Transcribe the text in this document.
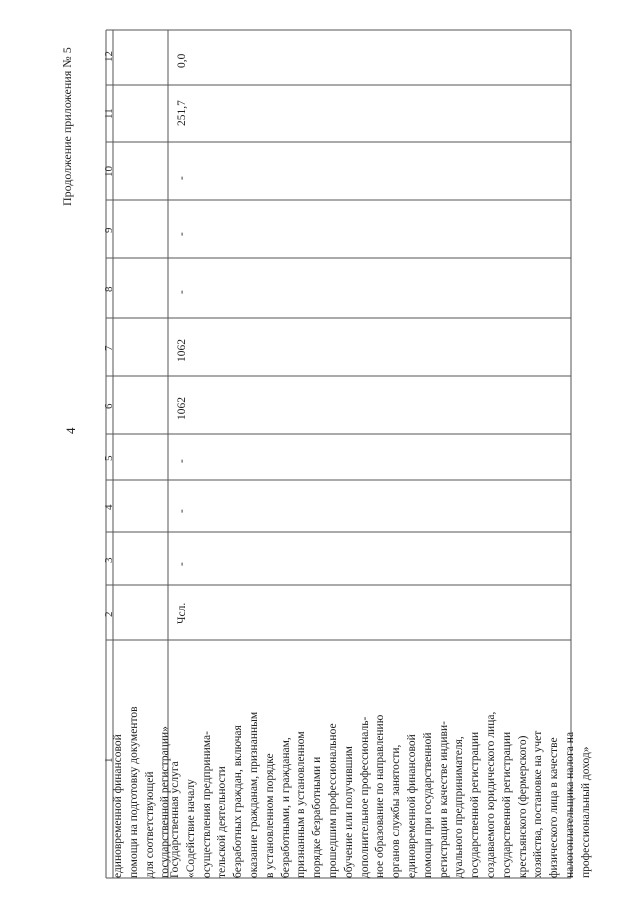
Продолжение приложения № 5
4
1
2
3
4
5
6
7
8
9
10
11
12
единовременной финансовой помощи на подготовку документов для соответствующей государственной регистрации»
Государственная услуга «Содействие началу осуществления предпринима- тельской деятельности безработных граждан, включая оказание гражданам, признанным в установленном порядке безработными, и гражданам, признанным в установленном порядке безработными и прошедшим профессиональное обучение или получившим дополнительное профессиональ- ное образование по направлению органов службы занятости, единовременной финансовой помощи при государственной регистрации в качестве индиви- дуального предпринимателя, государственной регистрации создаваемого юридического лица, государственной регистрации крестьянского (фермерского) хозяйства, постановке на учет физического лица в качестве налогоплательщика налога на профессиональный доход»
Чсл.
-
-
-
1062
1062
-
-
-
251,7
0,0
